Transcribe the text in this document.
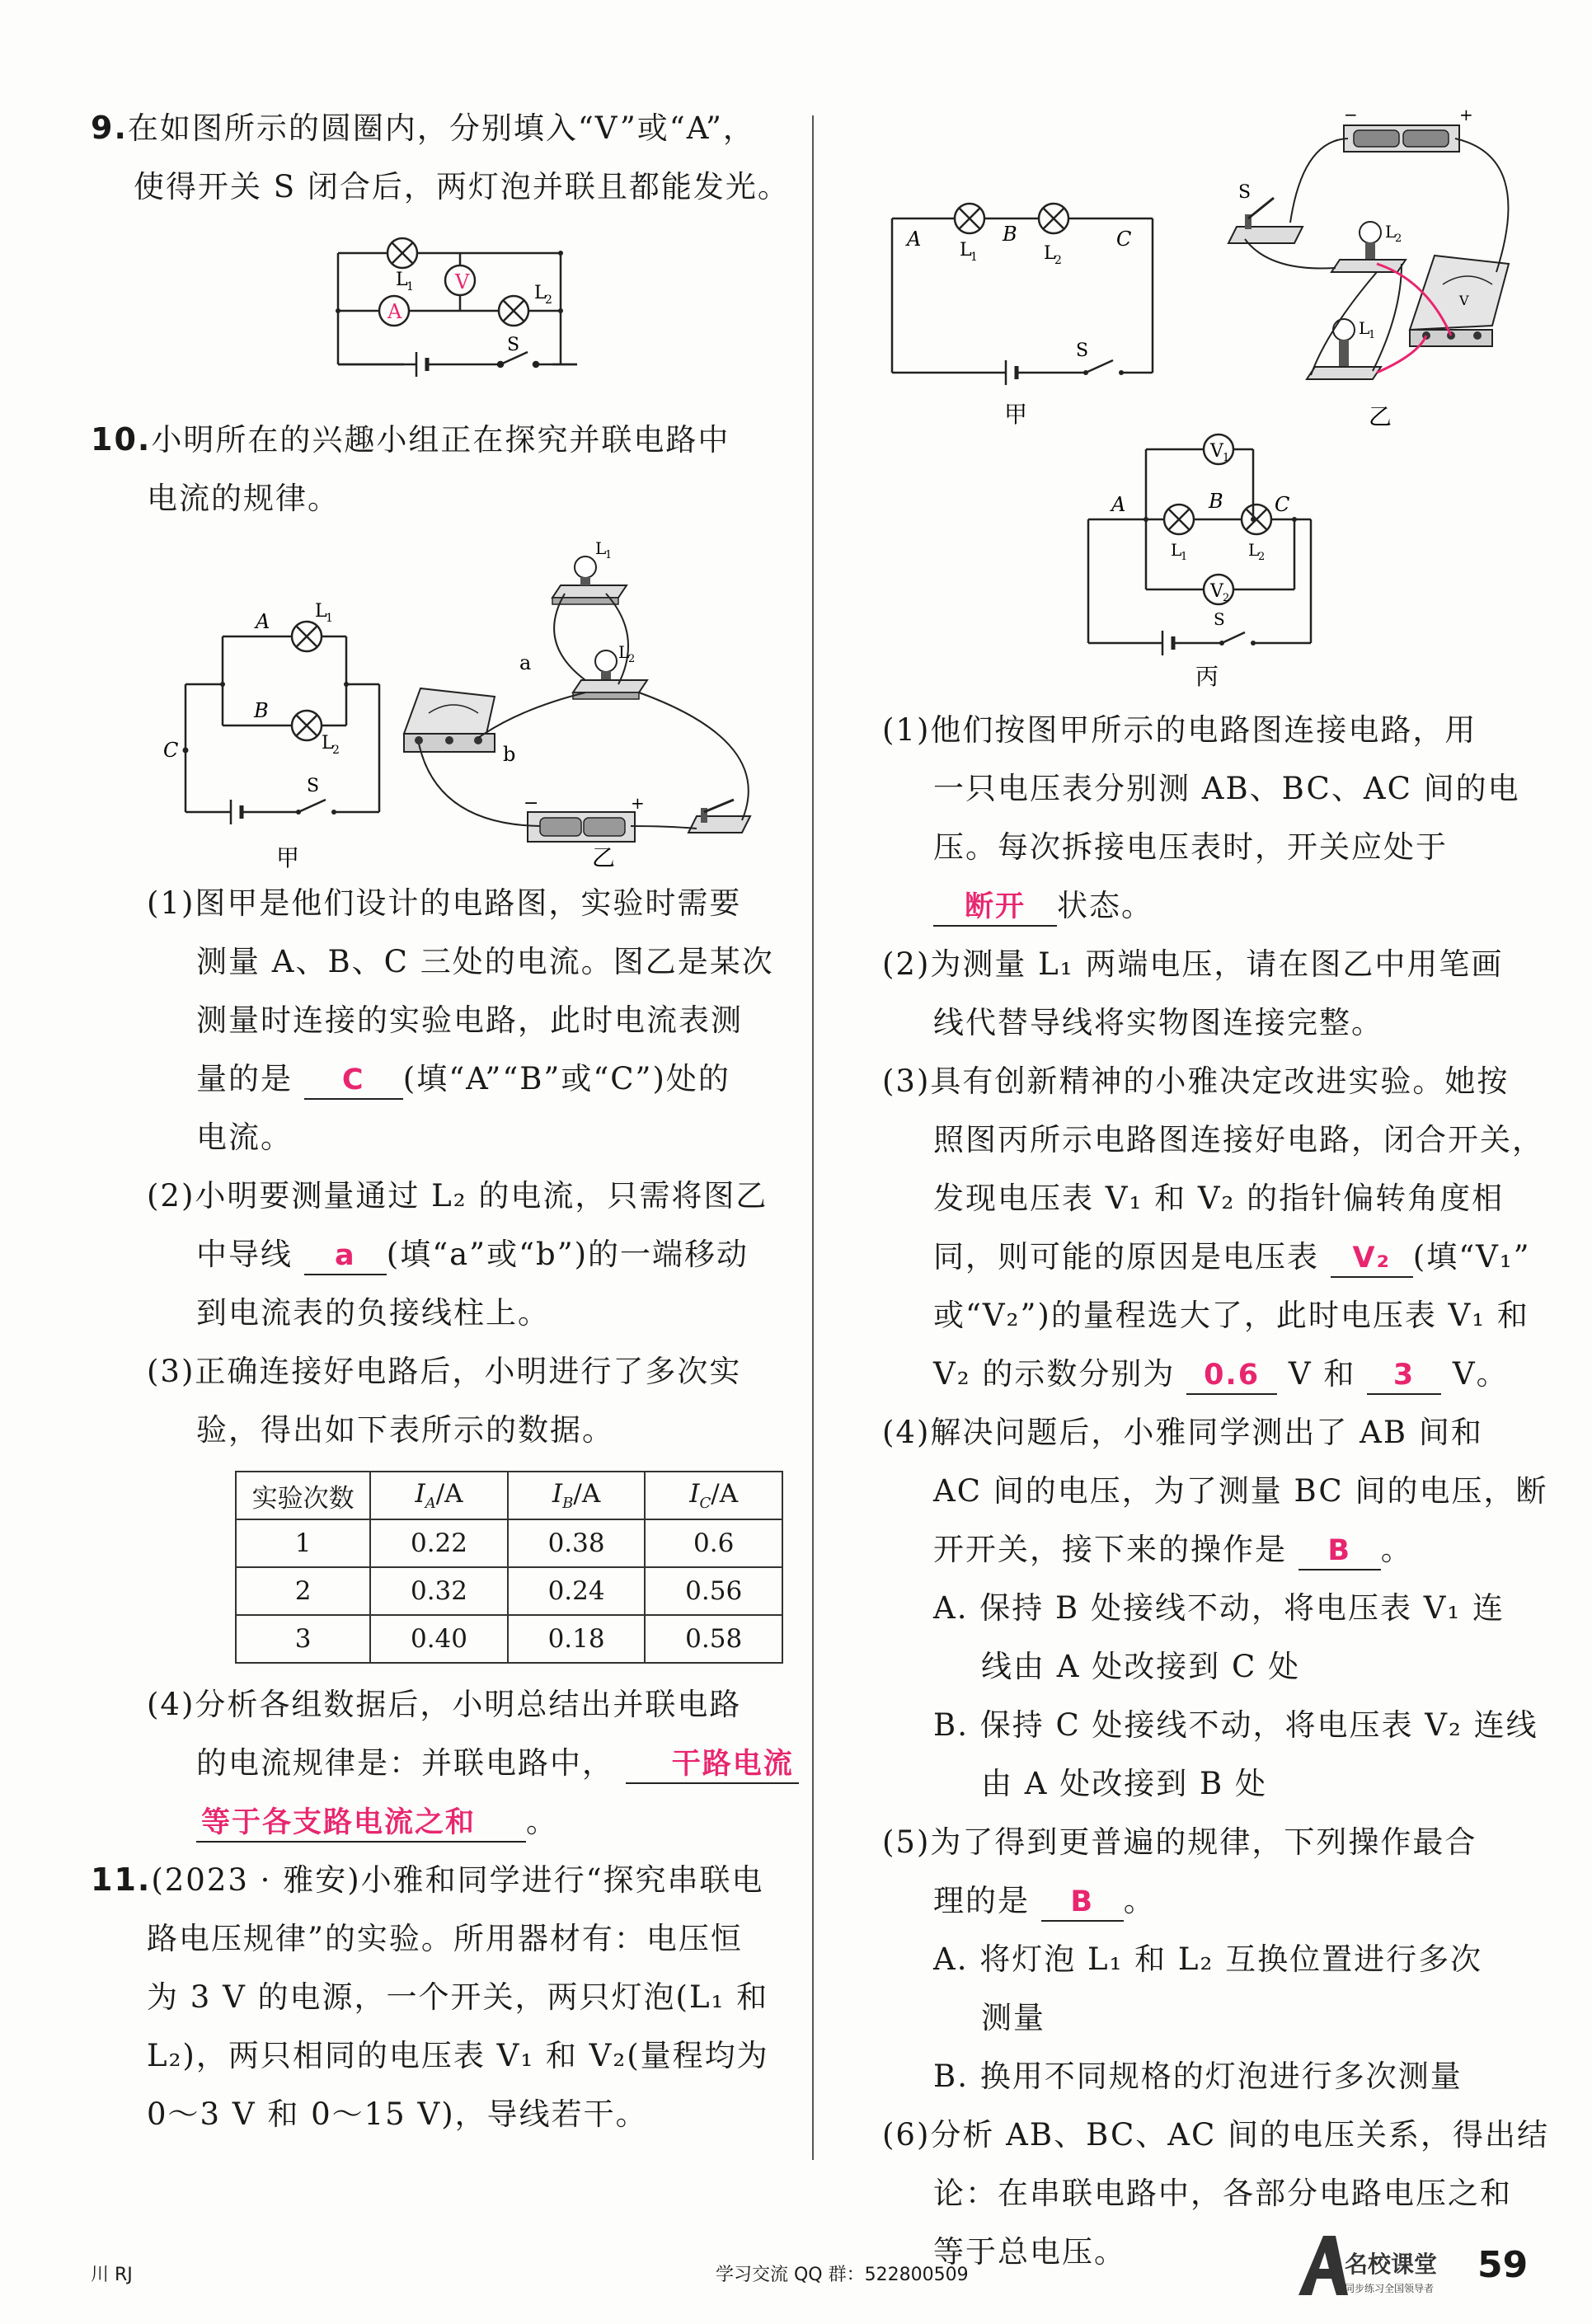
9.在如图所示的圆圈内，分别填入“V”或“A”，
使得开关 S 闭合后，两灯泡并联且都能发光。
V
A
L
1	L
2
S
10.小明所在的兴趣小组正在探究并联电路中
电流的规律。
A
B
C
S
L
1
L
2
甲
a
b
L
1
L
2
−	+
乙
(1)图甲是他们设计的电路图，实验时需要
测量 A、B、C 三处的电流。图乙是某次
测量时连接的实验电路，此时电流表测
量的是 C (填“A”“B”或“C”)处的
电流。
(2)小明要测量通过 L₂ 的电流，只需将图乙
中导线 a (填“a”或“b”)的一端移动
到电流表的负接线柱上。
(3)正确连接好电路后，小明进行了多次实
验，得出如下表所示的数据。
实验次数	$I_A/A$	$I_B/A$	$I_C/A$
1	0.22	0.38	0.6
2	0.32	0.24	0.56
3	0.40	0.18	0.58
(4)分析各组数据后，小明总结出并联电路
的电流规律是：并联电路中， 干路电流
等于各支路电流之和 。
11.(2023 · 雅安)小雅和同学进行“探究串联电
路电压规律”的实验。所用器材有：电压恒
为 3 V 的电源，一个开关，两只灯泡(L₁ 和
L₂)，两只相同的电压表 V₁ 和 V₂(量程均为
0～3 V 和 0～15 V)，导线若干。
A	B	C
L
1	L
2
S
甲
−	+
S
L
2
V
L
1
乙
V 1
V 2
A	B	C
L
1	L
2
S
丙
(1)他们按图甲所示的电路图连接电路，用
一只电压表分别测 AB、BC、AC 间的电
压。每次拆接电压表时，开关应处于
断开 状态。
(2)为测量 L₁ 两端电压，请在图乙中用笔画
线代替导线将实物图连接完整。
(3)具有创新精神的小雅决定改进实验。她按
照图丙所示电路图连接好电路，闭合开关，
发现电压表 V₁ 和 V₂ 的指针偏转角度相
同，则可能的原因是电压表 V₂ (填“V₁”
或“V₂”)的量程选大了，此时电压表 V₁ 和
V₂ 的示数分别为 0.6 V 和 3 V。
(4)解决问题后，小雅同学测出了 AB 间和
AC 间的电压，为了测量 BC 间的电压，断
开开关，接下来的操作是 B 。
A. 保持 B 处接线不动，将电压表 V₁ 连
线由 A 处改接到 C 处
B. 保持 C 处接线不动，将电压表 V₂ 连线
由 A 处改接到 B 处
(5)为了得到更普遍的规律，下列操作最合
理的是 B 。
A. 将灯泡 L₁ 和 L₂ 互换位置进行多次
测量
B. 换用不同规格的灯泡进行多次测量
(6)分析 AB、BC、AC 间的电压关系，得出结
论：在串联电路中，各部分电路电压之和
等于总电压。
川 RJ	学习交流 QQ 群：522800509	名校课堂
同步练习全国领导者
59
